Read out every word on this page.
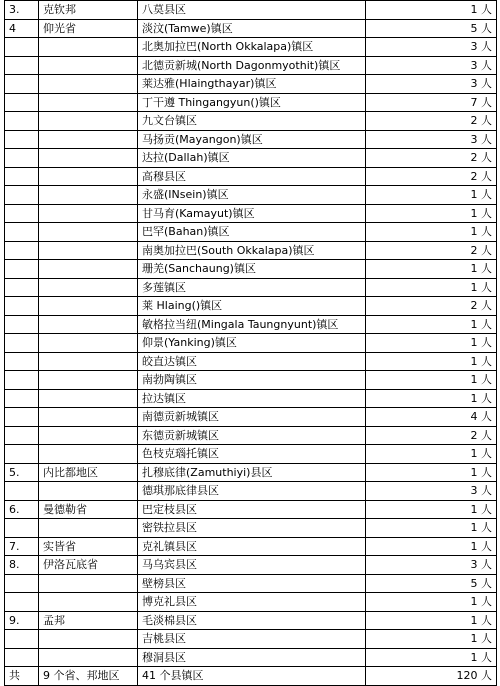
3.	克钦邦	八莫县区	1 人
4	仰光省	淡汶(Tamwe)镇区	5 人
		北奥加拉巴(North Okkalapa)镇区	3 人
		北德贡新城(North Dagonmyothit)镇区	3 人
		莱达雅(Hlaingthayar)镇区	3 人
		丁干遵 Thingangyun()镇区	7 人
		九文台镇区	2 人
		马扬贡(Mayangon)镇区	3 人
		达拉(Dallah)镇区	2 人
		高穆县区	2 人
		永盛(INsein)镇区	1 人
		甘马育(Kamayut)镇区	1 人
		巴罕(Bahan)镇区	1 人
		南奥加拉巴(South Okkalapa)镇区	2 人
		珊羌(Sanchaung)镇区	1 人
		多莲镇区	1 人
		莱 Hlaing()镇区	2 人
		敏格拉当纽(Mingala Taungnyunt)镇区	1 人
		仰景(Yanking)镇区	1 人
		皎直达镇区	1 人
		南勃陶镇区	1 人
		拉达镇区	1 人
		南德贡新城镇区	4 人
		东德贡新城镇区	2 人
		色枝克瑙托镇区	1 人
5.	内比都地区	扎穆底律(Zamuthiyi)县区	1 人
		德琪那底律县区	3 人
6.	曼德勒省	巴定枝县区	1 人
		密铁拉县区	1 人
7.	实皆省	克礼镇县区	1 人
8.	伊洛瓦底省	马乌宾县区	3 人
		壁榜县区	5 人
		博克礼县区	1 人
9.	孟邦	毛淡棉县区	1 人
		吉桃县区	1 人
		穆洞县区	1 人
共	9 个省、邦地区	41 个县镇区	120 人
